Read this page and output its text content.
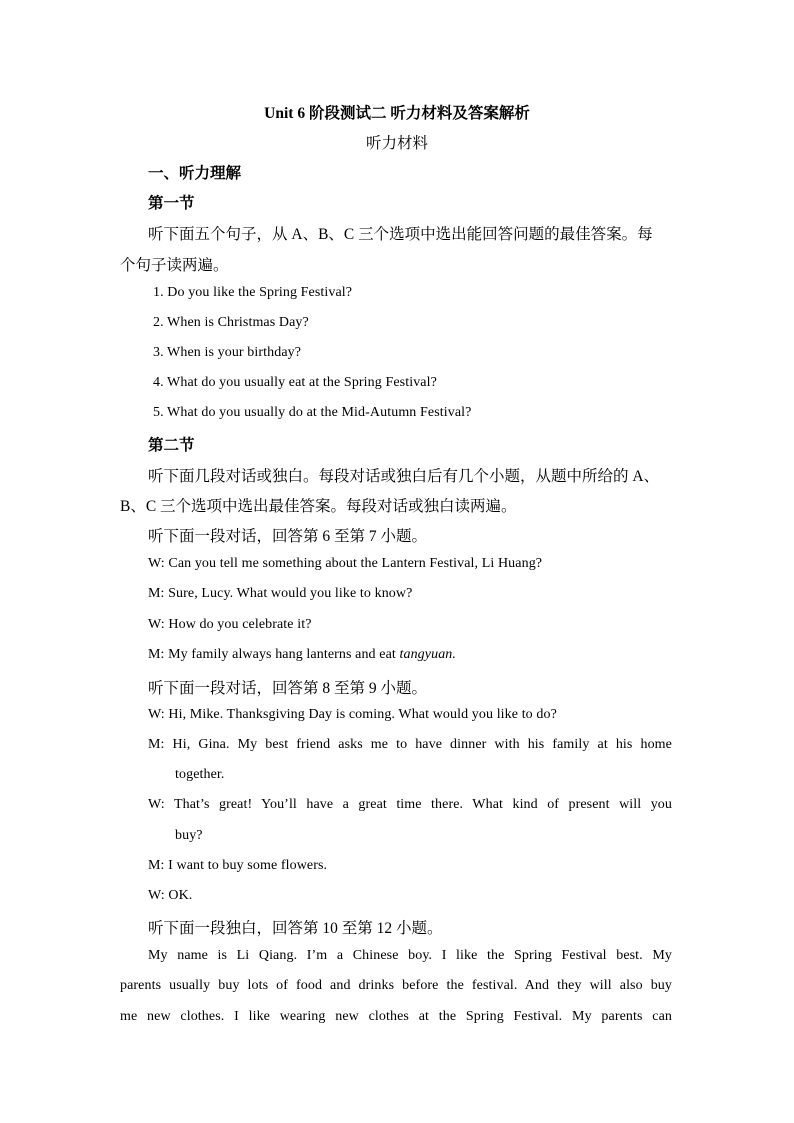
Unit 6 阶段测试二 听力材料及答案解析
听力材料
一、听力理解
第一节
听下面五个句子，从 A、B、C 三个选项中选出能回答问题的最佳答案。每
个句子读两遍。
1. Do you like the Spring Festival?
2. When is Christmas Day?
3. When is your birthday?
4. What do you usually eat at the Spring Festival?
5. What do you usually do at the Mid-Autumn Festival?
第二节
听下面几段对话或独白。每段对话或独白后有几个小题，从题中所给的 A、
B、C 三个选项中选出最佳答案。每段对话或独白读两遍。
听下面一段对话，回答第 6 至第 7 小题。
W: Can you tell me something about the Lantern Festival, Li Huang?
M: Sure, Lucy. What would you like to know?
W: How do you celebrate it?
M: My family always hang lanterns and eat tangyuan.
听下面一段对话，回答第 8 至第 9 小题。
W: Hi, Mike. Thanksgiving Day is coming. What would you like to do?
M: Hi, Gina. My best friend asks me to have dinner with his family at his home
together.
W: That’s great! You’ll have a great time there. What kind of present will you
buy?
M: I want to buy some flowers.
W: OK.
听下面一段独白，回答第 10 至第 12 小题。
My name is Li Qiang. I’m a Chinese boy. I like the Spring Festival best. My
parents usually buy lots of food and drinks before the festival. And they will also buy
me new clothes. I like wearing new clothes at the Spring Festival. My parents can
